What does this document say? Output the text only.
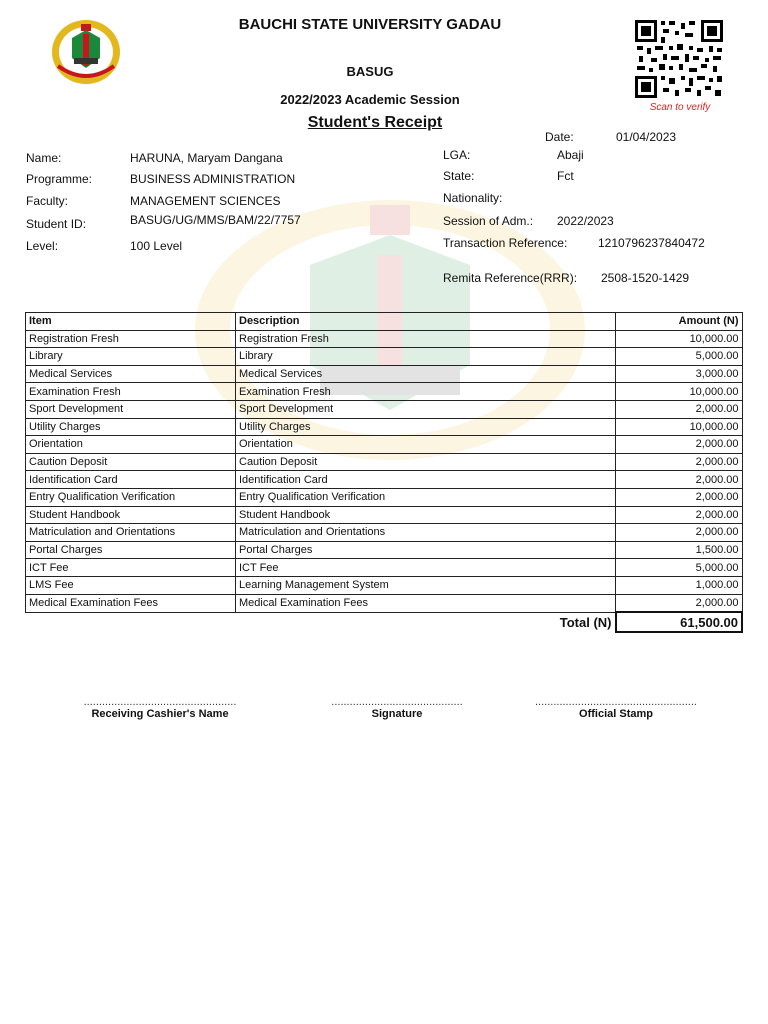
BAUCHI STATE UNIVERSITY GADAU
BASUG
2022/2023 Academic Session
Student's Receipt
Scan to verify
Date:	01/04/2023
Name:	HARUNA, Maryam Dangana
Programme:	BUSINESS ADMINISTRATION
Faculty:	MANAGEMENT SCIENCES
Student ID:	BASUG/UG/MMS/BAM/22/7757
Level:	100 Level
LGA:	Abaji
State:	Fct
Nationality:
Session of Adm.: 2022/2023
Transaction Reference:	1210796237840472
Remita Reference(RRR): 2508-1520-1429
Item	Description	Amount (N)
Registration Fresh	Registration Fresh	10,000.00
Library	Library	5,000.00
Medical Services	Medical Services	3,000.00
Examination Fresh	Examination Fresh	10,000.00
Sport Development	Sport Development	2,000.00
Utility Charges	Utility Charges	10,000.00
Orientation	Orientation	2,000.00
Caution Deposit	Caution Deposit	2,000.00
Identification Card	Identification Card	2,000.00
Entry Qualification Verification	Entry Qualification Verification	2,000.00
Student Handbook	Student Handbook	2,000.00
Matriculation and Orientations	Matriculation and Orientations	2,000.00
Portal Charges	Portal Charges	1,500.00
ICT Fee	ICT Fee	5,000.00
LMS Fee	Learning Management System	1,000.00
Medical Examination Fees	Medical Examination Fees	2,000.00
	Total (N)	61,500.00
..................................................
Receiving Cashier's Name
...........................................
Signature
.....................................................
Official Stamp
